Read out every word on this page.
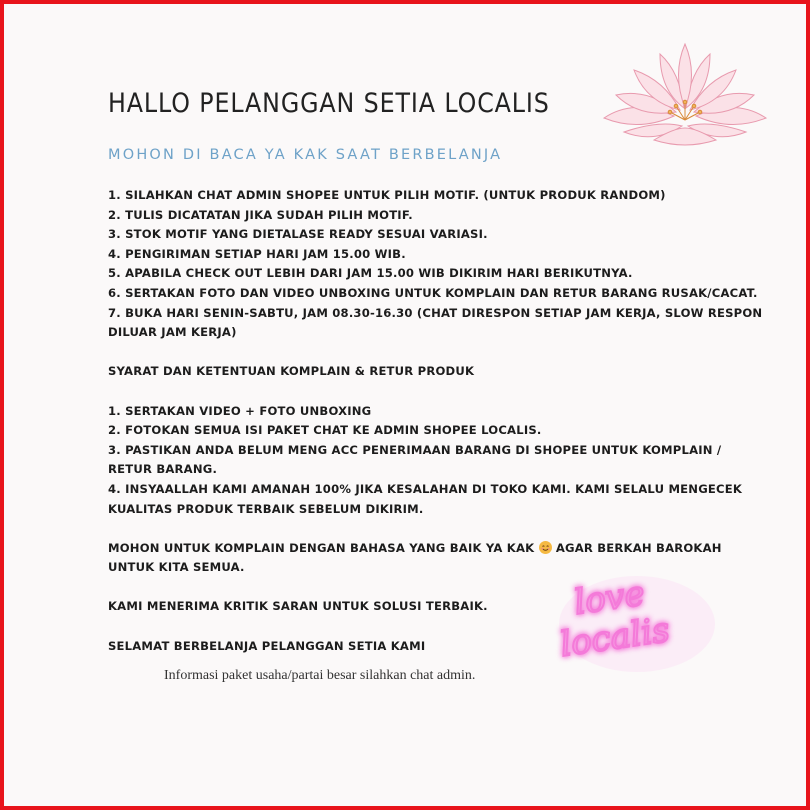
HALLO PELANGGAN SETIA LOCALIS
MOHON DI BACA YA KAK SAAT BERBELANJA
1. SILAHKAN CHAT ADMIN SHOPEE UNTUK PILIH MOTIF. (UNTUK PRODUK RANDOM)
2. TULIS DICATATAN JIKA SUDAH PILIH MOTIF.
3. STOK MOTIF YANG DIETALASE READY SESUAI VARIASI.
4. PENGIRIMAN SETIAP HARI JAM 15.00 WIB.
5. APABILA CHECK OUT LEBIH DARI JAM 15.00 WIB DIKIRIM HARI BERIKUTNYA.
6. SERTAKAN FOTO DAN VIDEO UNBOXING UNTUK KOMPLAIN DAN RETUR BARANG RUSAK/CACAT.
7. BUKA HARI SENIN-SABTU, JAM 08.30-16.30 (CHAT DIRESPON SETIAP JAM KERJA, SLOW RESPON DILUAR JAM KERJA)
SYARAT DAN KETENTUAN KOMPLAIN & RETUR PRODUK
1. SERTAKAN VIDEO + FOTO UNBOXING
2. FOTOKAN SEMUA ISI PAKET CHAT KE ADMIN SHOPEE LOCALIS.
3. PASTIKAN ANDA BELUM MENG ACC PENERIMAAN BARANG DI SHOPEE UNTUK KOMPLAIN / RETUR BARANG.
4. INSYAALLAH KAMI AMANAH 100% JIKA KESALAHAN DI TOKO KAMI. KAMI SELALU MENGECEK KUALITAS PRODUK TERBAIK SEBELUM DIKIRIM.
MOHON UNTUK KOMPLAIN DENGAN BAHASA YANG BAIK YA KAK AGAR BERKAH BAROKAH UNTUK KITA SEMUA.
KAMI MENERIMA KRITIK SARAN UNTUK SOLUSI TERBAIK.
SELAMAT BERBELANJA PELANGGAN SETIA KAMI
Informasi paket usaha/partai besar silahkan chat admin.
love
localis
